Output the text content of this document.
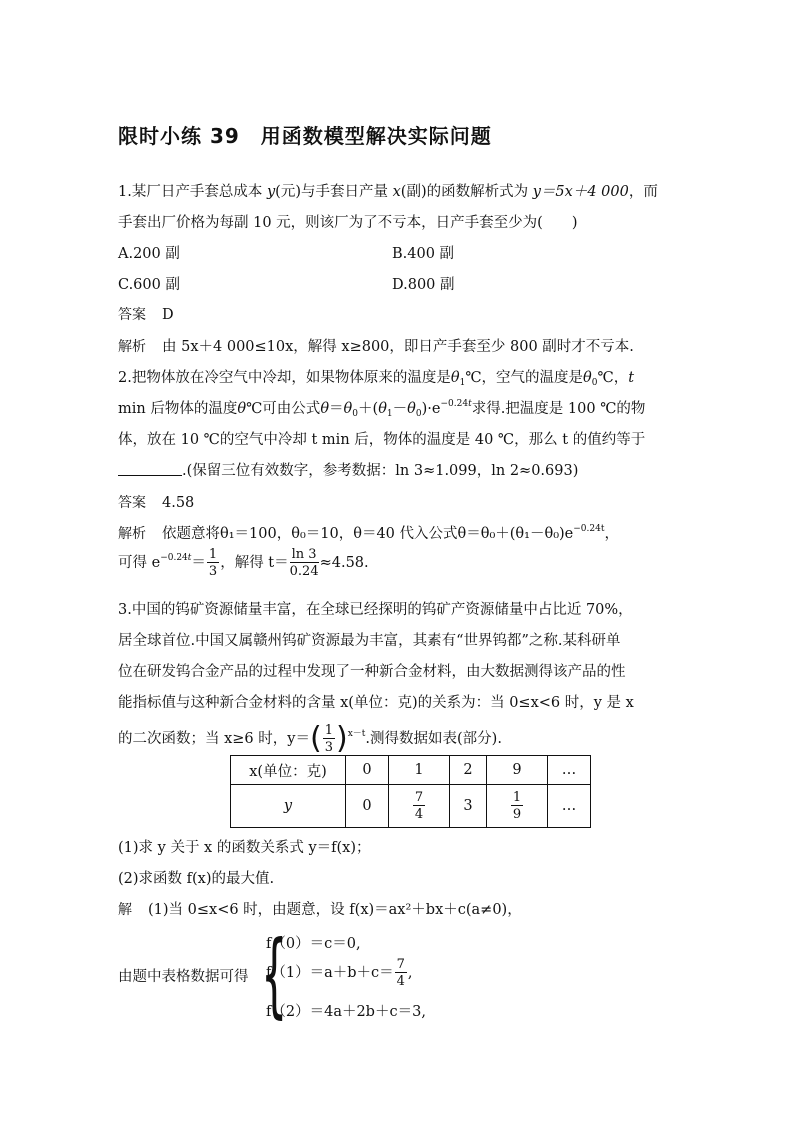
限时小练 39　用函数模型解决实际问题
1.某厂日产手套总成本 y(元)与手套日产量 x(副)的函数解析式为 y＝5x＋4 000，而
手套出厂价格为每副 10 元，则该厂为了不亏本，日产手套至少为(　　)
A.200 副	B.400 副
C.600 副	D.800 副
答案 D
解析 由 5x＋4 000≤10x，解得 x≥800，即日产手套至少 800 副时才不亏本.
2.把物体放在冷空气中冷却，如果物体原来的温度是$\theta_1℃$，空气的温度是$\theta_0℃$，t
min 后物体的温度θ℃可由公式$\theta=\theta_0+(\theta_1-\theta_0)\cdot e^{-0.24t}$求得.把温度是 100 ℃的物
体，放在 10 ℃的空气中冷却 t min 后，物体的温度是 40 ℃，那么 t 的值约等于
.(保留三位有效数字，参考数据：ln 3≈1.099，ln 2≈0.693)
答案 4.58
解析 依题意将θ₁＝100，θ₀＝10，θ＝40 代入公式$\theta=\theta_0+(\theta_1-\theta_0)e^{-0.24t}$，
可得 $e^{-0.24t}= \frac{1}{3}$ ，解得 $t= \frac{\ln 3}{0.24} \approx 4.58$.
3.中国的钨矿资源储量丰富，在全球已经探明的钨矿产资源储量中占比近 70%，
居全球首位.中国又属赣州钨矿资源最为丰富，其素有“世界钨都”之称.某科研单
位在研发钨合金产品的过程中发现了一种新合金材料，由大数据测得该产品的性
能指标值与这种新合金材料的含量 x(单位：克)的关系为：当 0≤x<6 时，y 是 x
的二次函数；当 x≥6 时，$y=( \frac{1}{3} )^{x-t}$.测得数据如表(部分).
x(单位：克)	0	1	2	9	…
y	0	$\frac{7}{4}$	3	$\frac{1}{9}$	…
(1)求 y 关于 x 的函数关系式 y＝f(x)；
(2)求函数 f(x)的最大值.
解 (1)当 0≤x<6 时，由题意，设 f(x)＝ax²＋bx＋c(a≠0)，
由题中表格数据可得 {
f（0）＝c＝0,
$f(1)=a+b+c= \frac{7}{4}$ ,
f（2）＝4a＋2b＋c＝3,
